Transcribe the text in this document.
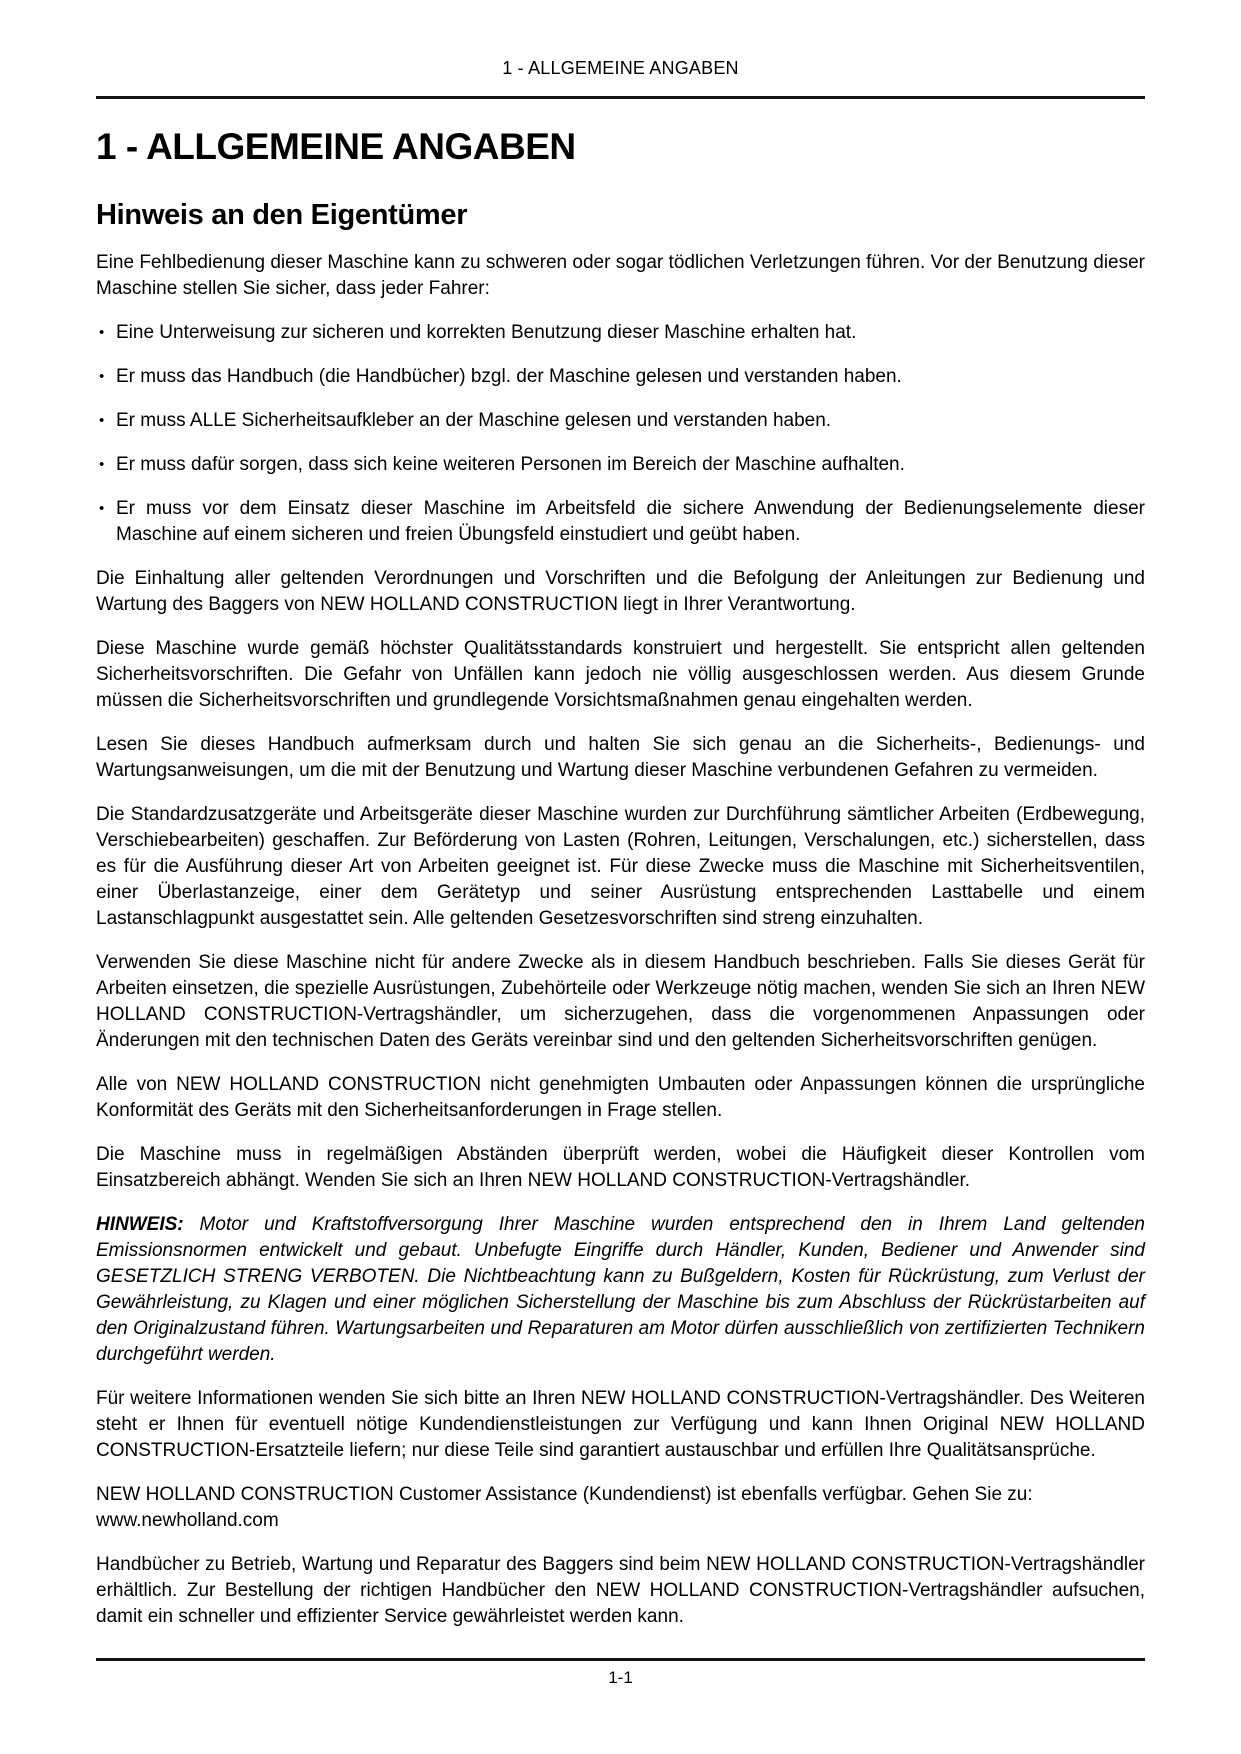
1 - ALLGEMEINE ANGABEN
1 - ALLGEMEINE ANGABEN
Hinweis an den Eigentümer

Eine Fehlbedienung dieser Maschine kann zu schweren oder sogar tödlichen Verletzungen führen. Vor der Benutzung dieser Maschine stellen Sie sicher, dass jeder Fahrer:

• Eine Unterweisung zur sicheren und korrekten Benutzung dieser Maschine erhalten hat.
• Er muss das Handbuch (die Handbücher) bzgl. der Maschine gelesen und verstanden haben.
• Er muss ALLE Sicherheitsaufkleber an der Maschine gelesen und verstanden haben.
• Er muss dafür sorgen, dass sich keine weiteren Personen im Bereich der Maschine aufhalten.
• Er muss vor dem Einsatz dieser Maschine im Arbeitsfeld die sichere Anwendung der Bedienungselemente dieser Maschine auf einem sicheren und freien Übungsfeld einstudiert und geübt haben.

Die Einhaltung aller geltenden Verordnungen und Vorschriften und die Befolgung der Anleitungen zur Bedienung und Wartung des Baggers von NEW HOLLAND CONSTRUCTION liegt in Ihrer Verantwortung.

Diese Maschine wurde gemäß höchster Qualitätsstandards konstruiert und hergestellt. Sie entspricht allen geltenden Sicherheitsvorschriften. Die Gefahr von Unfällen kann jedoch nie völlig ausgeschlossen werden. Aus diesem Grunde müssen die Sicherheitsvorschriften und grundlegende Vorsichtsmaßnahmen genau eingehalten werden.

Lesen Sie dieses Handbuch aufmerksam durch und halten Sie sich genau an die Sicherheits-, Bedienungs- und Wartungsanweisungen, um die mit der Benutzung und Wartung dieser Maschine verbundenen Gefahren zu vermeiden.

Die Standardzusatzgeräte und Arbeitsgeräte dieser Maschine wurden zur Durchführung sämtlicher Arbeiten (Erdbewegung, Verschiebearbeiten) geschaffen. Zur Beförderung von Lasten (Rohren, Leitungen, Verschalungen, etc.) sicherstellen, dass es für die Ausführung dieser Art von Arbeiten geeignet ist. Für diese Zwecke muss die Maschine mit Sicherheitsventilen, einer Überlastanzeige, einer dem Gerätetyp und seiner Ausrüstung entsprechenden Lasttabelle und einem Lastanschlagpunkt ausgestattet sein. Alle geltenden Gesetzesvorschriften sind streng einzuhalten.

Verwenden Sie diese Maschine nicht für andere Zwecke als in diesem Handbuch beschrieben. Falls Sie dieses Gerät für Arbeiten einsetzen, die spezielle Ausrüstungen, Zubehörteile oder Werkzeuge nötig machen, wenden Sie sich an Ihren NEW HOLLAND CONSTRUCTION-Vertragshändler, um sicherzugehen, dass die vorgenommenen Anpassungen oder Änderungen mit den technischen Daten des Geräts vereinbar sind und den geltenden Sicherheitsvorschriften genügen.

Alle von NEW HOLLAND CONSTRUCTION nicht genehmigten Umbauten oder Anpassungen können die ursprüngliche Konformität des Geräts mit den Sicherheitsanforderungen in Frage stellen.

Die Maschine muss in regelmäßigen Abständen überprüft werden, wobei die Häufigkeit dieser Kontrollen vom Einsatzbereich abhängt. Wenden Sie sich an Ihren NEW HOLLAND CONSTRUCTION-Vertragshändler.

HINWEIS: Motor und Kraftstoffversorgung Ihrer Maschine wurden entsprechend den in Ihrem Land geltenden Emissionsnormen entwickelt und gebaut. Unbefugte Eingriffe durch Händler, Kunden, Bediener und Anwender sind GESETZLICH STRENG VERBOTEN. Die Nichtbeachtung kann zu Bußgeldern, Kosten für Rückrüstung, zum Verlust der Gewährleistung, zu Klagen und einer möglichen Sicherstellung der Maschine bis zum Abschluss der Rückrüstarbeiten auf den Originalzustand führen. Wartungsarbeiten und Reparaturen am Motor dürfen ausschließlich von zertifizierten Technikern durchgeführt werden.

Für weitere Informationen wenden Sie sich bitte an Ihren NEW HOLLAND CONSTRUCTION-Vertragshändler. Des Weiteren steht er Ihnen für eventuell nötige Kundendienstleistungen zur Verfügung und kann Ihnen Original NEW HOLLAND CONSTRUCTION-Ersatzteile liefern; nur diese Teile sind garantiert austauschbar und erfüllen Ihre Qualitätsansprüche.

NEW HOLLAND CONSTRUCTION Customer Assistance (Kundendienst) ist ebenfalls verfügbar. Gehen Sie zu:
www.newholland.com

Handbücher zu Betrieb, Wartung und Reparatur des Baggers sind beim NEW HOLLAND CONSTRUCTION-Vertragshändler erhältlich. Zur Bestellung der richtigen Handbücher den NEW HOLLAND CONSTRUCTION-Vertragshändler aufsuchen, damit ein schneller und effizienter Service gewährleistet werden kann.

1-1
